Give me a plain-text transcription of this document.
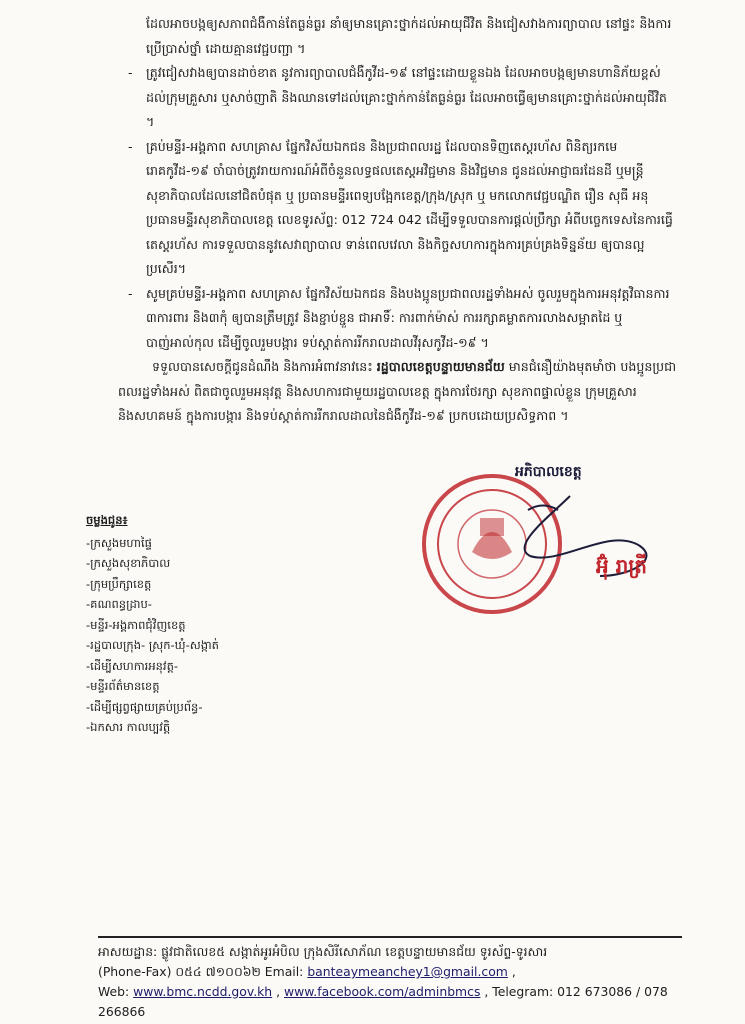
ដែលអាចបង្កឲ្យសភាពជំងឺកាន់តែធ្ងន់ធ្ងរ នាំឲ្យមានគ្រោះថ្នាក់ដល់អាយុជីវិត និងជៀសវាងការព្យាបាល នៅផ្ទះ និងការប្រើប្រាស់ថ្នាំ ដោយគ្មានវេជ្ជបញ្ជា ។

- ត្រូវជៀសវាងឲ្យបានដាច់ខាត នូវការព្យាបាលជំងឺកូវីដ-១៩ នៅផ្ទះដោយខ្លួនឯង ដែលអាចបង្កឲ្យមានហានិភ័យខ្ពស់ដល់ក្រុមគ្រួសារ ឬសាច់ញាតិ និងឈានទៅដល់គ្រោះថ្នាក់កាន់តែធ្ងន់ធ្ងរ ដែលអាចធ្វើឲ្យមានគ្រោះថ្នាក់ដល់អាយុជីវិត ។

- គ្រប់មន្ទីរ-អង្គភាព សហគ្រាស ផ្នែកវិស័យឯកជន និងប្រជាពលរដ្ឋ ដែលបានទិញតេស្តរហ័ស ពិនិត្យរកមេរោគកូវីដ-១៩ ចាំបាច់ត្រូវរាយការណ៍អំពីចំនួនលទ្ធផលតេស្តអវិជ្ជមាន និងវិជ្ជមាន ជូនដល់អាជ្ញាធរដែនដី ឬមន្ត្រីសុខាភិបាលដែលនៅជិតបំផុត ឬ ប្រធានមន្ទីរពេទ្យបង្អែកខេត្ត/ក្រុង/ស្រុក ឬ មកលោកវេជ្ជបណ្ឌិត រឿន សុធី អនុប្រធានមន្ទីរសុខាភិបាលខេត្ត លេខទូរស័ព្ទ: 012 724 042 ដើម្បីទទួលបានការផ្តល់ប្រឹក្សា អំពីបច្ចេកទេសនៃការធ្វើតេស្តរហ័ស ការទទួលបាននូវសេវាព្យាបាល ទាន់ពេលវេលា និងកិច្ចសហការក្នុងការគ្រប់គ្រងទិន្នន័យ ឲ្យបានល្អប្រសើរ។

- សូមគ្រប់មន្ទីរ-អង្គភាព សហគ្រាស ផ្នែកវិស័យឯកជន និងបងប្អូនប្រជាពលរដ្ឋទាំងអស់ ចូលរួមក្នុងការអនុវត្តវិធានការ ៣ការពារ និង៣កុំ ឲ្យបានត្រឹមត្រូវ និងខ្ជាប់ខ្ជួន ជាអាទិ៍: ការពាក់ម៉ាស់ ការរក្សាគម្លាតការលាងសម្អាតដៃ ឬបាញ់អាល់កុល ដើម្បីចូលរួមបង្ការ ទប់ស្កាត់ការរីករាលដាលវីរុសកូវីដ-១៩ ។

ទទួលបានសេចក្តីជូនដំណឹង និងការអំពាវនាវនេះ រដ្ឋបាលខេត្តបន្ទាយមានជ័យ មានជំនឿយ៉ាងមុតមាំថា បងប្អូនប្រជាពលរដ្ឋទាំងអស់ ពិតជាចូលរួមអនុវត្ត និងសហការជាមួយរដ្ឋបាលខេត្ត ក្នុងការថែរក្សា សុខភាពផ្ទាល់ខ្លួន ក្រុមគ្រួសារ និងសហគមន៍ ក្នុងការបង្ការ និងទប់ស្កាត់ការរីករាលដាលនៃជំងឺកូវីដ-១៩ ប្រកបដោយប្រសិទ្ធភាព ។

អភិបាលខេត្ត
អ៊ុំ រាត្រី
ចម្លងជូន៖
-ក្រសួងមហាផ្ទៃ
-ក្រសួងសុខាភិបាល
-ក្រុមប្រឹក្សាខេត្ត
-គណពន្ធដ្រាប-
-មន្ទីរ-អង្គភាពជុំវិញខេត្ត
-រដ្ឋបាលក្រុង- ស្រុក-ឃុំ-សង្កាត់
-ដើម្បីសហការអនុវត្ត-
-មន្ទីរព័ត៌មានខេត្ត
-ដើម្បីផ្សព្វផ្សាយគ្រប់ប្រព័ន្ធ-
-ឯកសារ កាលប្បវត្តិ
អាសយដ្ឋាន: ផ្លូវជាតិលេខ៥ សង្កាត់អូរអំបិល ក្រុងសិរីសោភ័ណ ខេត្តបន្ទាយមានជ័យ ទូរស័ព្ទ-ទូរសារ
(Phone-Fax) ០៥៤ ៧១០០៦២ Email: banteaymeanchey1@gmail.com ,
Web: www.bmc.ncdd.gov.kh , www.facebook.com/adminbmcs , Telegram: 012 673086 / 078 266866
